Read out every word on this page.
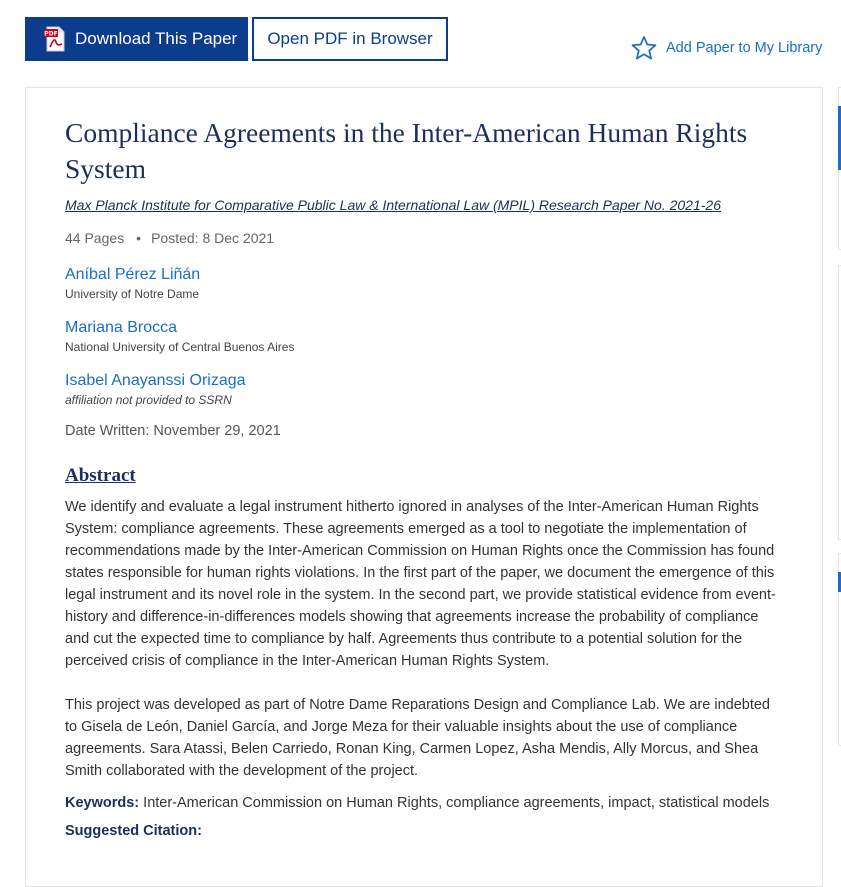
PDF Download This Paper Open PDF in Browser	Add Paper to My Library
Compliance Agreements in the Inter-American Human Rights System
Max Planck Institute for Comparative Public Law & International Law (MPIL) Research Paper No. 2021-26
44 Pages • Posted: 8 Dec 2021
Aníbal Pérez Liñán
University of Notre Dame
Mariana Brocca
National University of Central Buenos Aires
Isabel Anayanssi Orizaga
affiliation not provided to SSRN
Date Written: November 29, 2021
Abstract

We identify and evaluate a legal instrument hitherto ignored in analyses of the Inter-American Human Rights System: compliance agreements. These agreements emerged as a tool to negotiate the implementation of recommendations made by the Inter-American Commission on Human Rights once the Commission has found states responsible for human rights violations. In the first part of the paper, we document the emergence of this legal instrument and its novel role in the system. In the second part, we provide statistical evidence from event-history and difference-in-differences models showing that agreements increase the probability of compliance and cut the expected time to compliance by half. Agreements thus contribute to a potential solution for the perceived crisis of compliance in the Inter-American Human Rights System.

This project was developed as part of Notre Dame Reparations Design and Compliance Lab. We are indebted to Gisela de León, Daniel García, and Jorge Meza for their valuable insights about the use of compliance agreements. Sara Atassi, Belen Carriedo, Ronan King, Carmen Lopez, Asha Mendis, Ally Morcus, and Shea Smith collaborated with the development of the project.

Keywords: Inter-American Commission on Human Rights, compliance agreements, impact, statistical models
Suggested Citation:
